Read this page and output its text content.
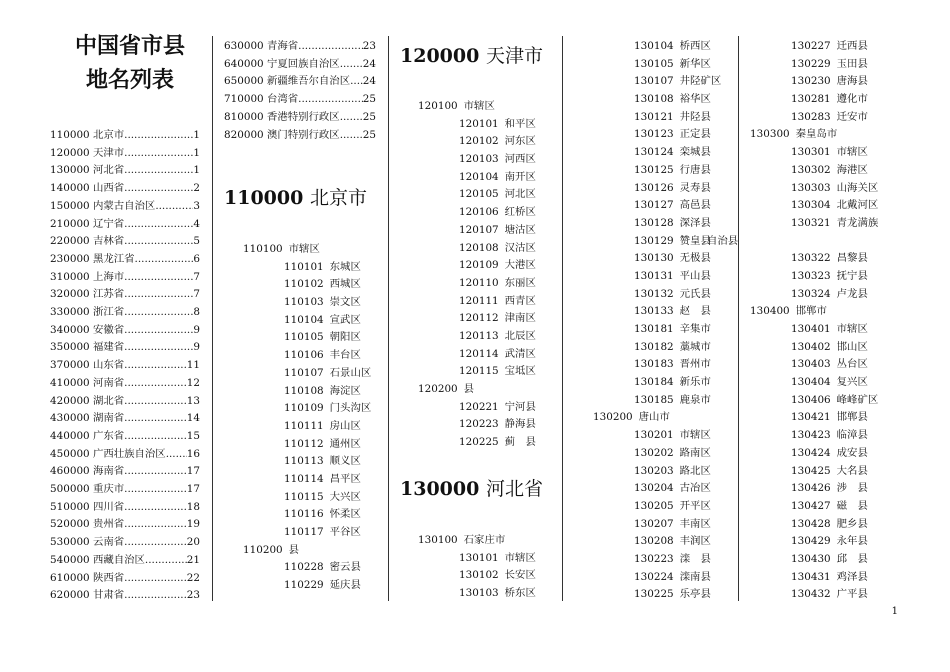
中国省市县
地名列表
110000 北京市 .....	1
120000 天津市 .....	1
130000 河北省 .....	1
140000 山西省 .....	2
150000 内蒙古自治区 .....	3
210000 辽宁省 .....	4
220000 吉林省 .....	5
230000 黑龙江省 .....	6
310000 上海市 .....	7
320000 江苏省 .....	7
330000 浙江省 .....	8
340000 安徽省 .....	9
350000 福建省 .....	9
370000 山东省 .....	11
410000 河南省 .....	12
420000 湖北省 .....	13
430000 湖南省 .....	14
440000 广东省 .....	15
450000 广西壮族自治区 ..... 16
460000 海南省 .....	17
500000 重庆市 .....	17
510000 四川省 .....	18
520000 贵州省 .....	19
530000 云南省 .....	20
540000 西藏自治区 .....	21
610000 陕西省 .....	22
620000 甘肃省 .....	23
630000 青海省 .....	23
640000 宁夏回族自治区 ..... 24
650000 新疆维吾尔自治区 ..... 24
710000 台湾省 .....	25
810000 香港特别行政区 ..... 25
820000 澳门特别行政区 ..... 25
110000 北京市
110100 市辖区
110101 东城区
110102 西城区
110103 崇文区
110104 宣武区
110105 朝阳区
110106 丰台区
110107 石景山区
110108 海淀区
110109 门头沟区
110111 房山区
110112 通州区
110113 顺义区
110114 昌平区
110115 大兴区
110116 怀柔区
110117 平谷区
110200 县
110228 密云县
110229 延庆县
120000 天津市
120100 市辖区
120101 和平区
120102 河东区
120103 河西区
120104 南开区
120105 河北区
120106 红桥区
120107 塘沽区
120108 汉沽区
120109 大港区
120110 东丽区
120111 西青区
120112 津南区
120113 北辰区
120114 武清区
120115 宝坻区
120200 县
120221 宁河县
120223 静海县
120225 蓟　县
130000 河北省
130100 石家庄市
130101 市辖区
130102 长安区
130103 桥东区
130104 桥西区
130105 新华区
130107 井陉矿区
130108 裕华区
130121 井陉县
130123 正定县
130124 栾城县
130125 行唐县
130126 灵寿县
130127 高邑县
130128 深泽县
130129 赞皇县
130130 无极县
130131 平山县
130132 元氏县
130133 赵　县
130181 辛集市
130182 藁城市
130183 晋州市
130184 新乐市
130185 鹿泉市
130200 唐山市
130201 市辖区
130202 路南区
130203 路北区
130204 古冶区
130205 开平区
130207 丰南区
130208 丰润区
130223 滦　县
130224 滦南县
130225 乐亭县
130227 迁西县
130229 玉田县
130230 唐海县
130281 遵化市
130283 迁安市
130300 秦皇岛市
130301 市辖区
130302 海港区
130303 山海关区
130304 北戴河区
130321 青龙满族
自治县
130322 昌黎县
130323 抚宁县
130324 卢龙县
130400 邯郸市
130401 市辖区
130402 邯山区
130403 丛台区
130404 复兴区
130406 峰峰矿区
130421 邯郸县
130423 临漳县
130424 成安县
130425 大名县
130426 涉　县
130427 磁　县
130428 肥乡县
130429 永年县
130430 邱　县
130431 鸡泽县
130432 广平县
1
